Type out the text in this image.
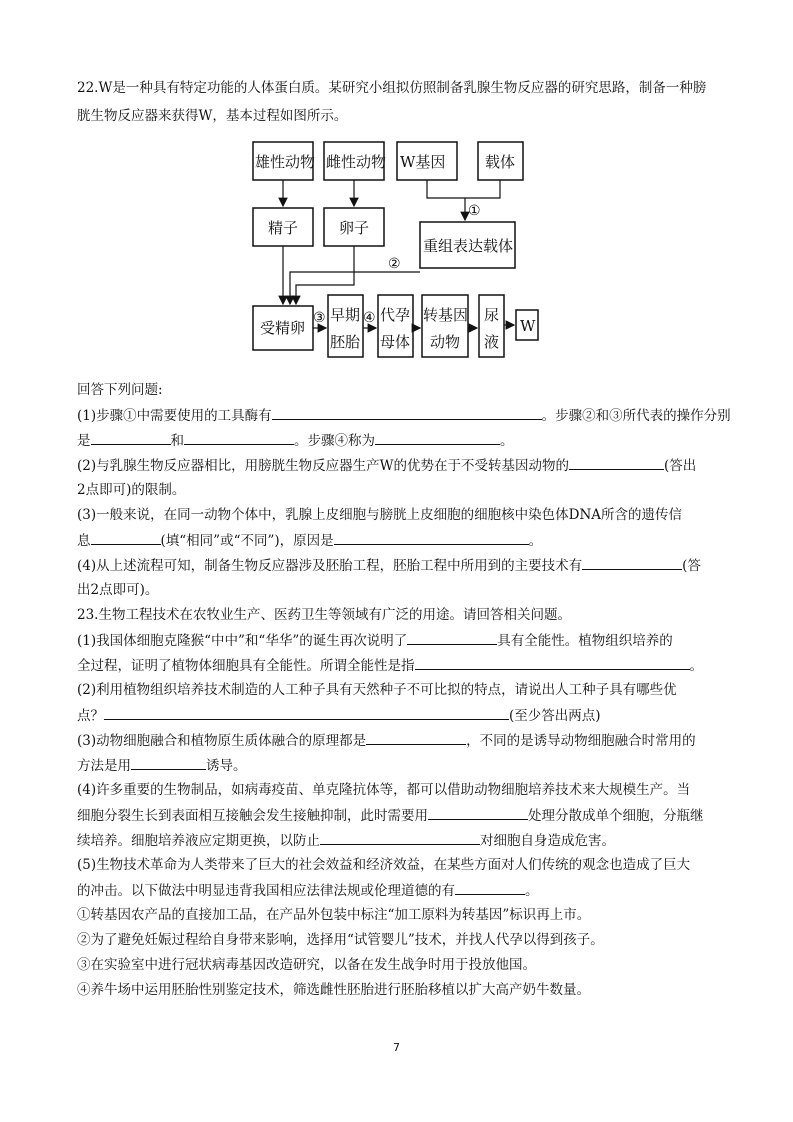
22.W是一种具有特定功能的人体蛋白质。某研究小组拟仿照制备乳腺生物反应器的研究思路，制备一种膀
胱生物反应器来获得W，基本过程如图所示。
雄性动物 雌性动物 W基因	载体
精子	卵子
重组表达载体
受精卵
早期
胚胎
代孕
母体
转基因
动物
尿
液
W
①
②
③	④
回答下列问题:
(1)步骤①中需要使用的工具酶有	。步骤②和③所代表的操作分别
是	和	。步骤④称为	。
(2)与乳腺生物反应器相比，用膀胱生物反应器生产W的优势在于不受转基因动物的	(答出
2点即可)的限制。
(3)一般来说，在同一动物个体中，乳腺上皮细胞与膀胱上皮细胞的细胞核中染色体DNA所含的遗传信
息	(填“相同”或“不同”)，原因是	。
(4)从上述流程可知，制备生物反应器涉及胚胎工程，胚胎工程中所用到的主要技术有	(答
出2点即可)。
23.生物工程技术在农牧业生产、医药卫生等领域有广泛的用途。请回答相关问题。
(1)我国体细胞克隆猴“中中”和“华华”的诞生再次说明了	具有全能性。植物组织培养的
全过程，证明了植物体细胞具有全能性。所谓全能性是指	。
(2)利用植物组织培养技术制造的人工种子具有天然种子不可比拟的特点，请说出人工种子具有哪些优
点？	(至少答出两点)
(3)动物细胞融合和植物原生质体融合的原理都是	，不同的是诱导动物细胞融合时常用的
方法是用	诱导。
(4)许多重要的生物制品，如病毒疫苗、单克隆抗体等，都可以借助动物细胞培养技术来大规模生产。当
细胞分裂生长到表面相互接触会发生接触抑制，此时需要用	处理分散成单个细胞，分瓶继
续培养。细胞培养液应定期更换，以防止	对细胞自身造成危害。
(5)生物技术革命为人类带来了巨大的社会效益和经济效益，在某些方面对人们传统的观念也造成了巨大
的冲击。以下做法中明显违背我国相应法律法规或伦理道德的有	。
①转基因农产品的直接加工品，在产品外包装中标注“加工原料为转基因”标识再上市。
②为了避免妊娠过程给自身带来影响，选择用“试管婴儿”技术，并找人代孕以得到孩子。
③在实验室中进行冠状病毒基因改造研究，以备在发生战争时用于投放他国。
④养牛场中运用胚胎性别鉴定技术，筛选雌性胚胎进行胚胎移植以扩大高产奶牛数量。
7
